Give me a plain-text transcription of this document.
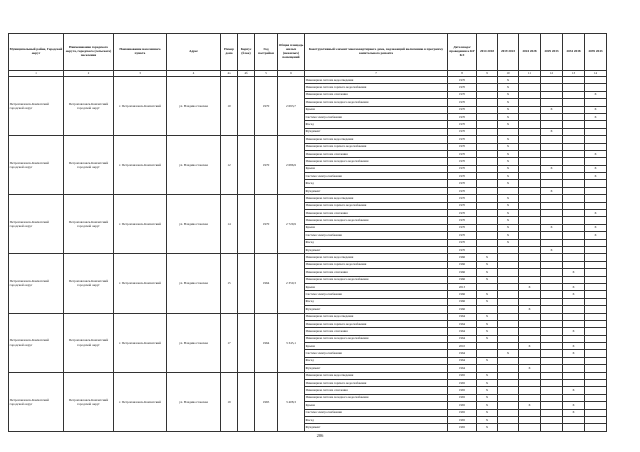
Муниципальный район, Городской округ	Наименование городского округа, городского (сельского) поселения	Наименование населенного пункта	Адрес	Номер дома	Корпус (блок)	Год постройки	Общая площадь жилых (нежилых) помещений	Конструктивный элемент многоквартирного дома, подлежащий включению в программу капитального ремонта	Дата ввода/проведения к КР КЭ	2014 2018	2019 2023	2024 2028	2029 2033	2034 2038	2039 2043
1	2	3	4	4а	4б	5	6	7	8	9	10	11	12	13	14
Петропавловск-Камчатский городской округ	Петропавловск-Камчатский городской округ	г. Петропавловск-Камчатский	ул. Владивостокская	10		1970	2 693,7	Инженерная система водоотведения	1970		X				
								Инженерная система горячего водоснабжения	1970		X				
								Инженерная система отопления	1970		X				X
								Инженерная система холодного водоснабжения	1970		X				
								Крыша	1970		X		X		X
								Система электроснабжения	1970		X				X
								Фасад	1970		X				
								Фундамент	1970				X		
Петропавловск-Камчатский городской округ	Петропавловск-Камчатский городской округ	г. Петропавловск-Камчатский	ул. Владивостокская	12		1970	2 686,9	Инженерная система водоотведения	1970		X				
								Инженерная система горячего водоснабжения	1970		X				
								Инженерная система отопления	1970		X				X
								Инженерная система холодного водоснабжения	1970		X				
								Крыша	1970		X		X		X
								Система электроснабжения	1970		X				X
								Фасад	1970		X				
								Фундамент	1970				X		
Петропавловск-Камчатский городской округ	Петропавловск-Камчатский городской округ	г. Петропавловск-Камчатский	ул. Владивостокская	14		1970	2 729,9	Инженерная система водоотведения	1970		X				
								Инженерная система горячего водоснабжения	1970		X				
								Инженерная система отопления	1970		X				X
								Инженерная система холодного водоснабжения	1970		X				
								Крыша	1970		X		X		X
								Система электроснабжения	1970		X				X
								Фасад	1970		X				
								Фундамент	1970				X		
Петропавловск-Камчатский городской округ	Петропавловск-Камчатский городской округ	г. Петропавловск-Камчатский	ул. Владивостокская	15		1964	2 350,3	Инженерная система водоотведения	1966	X					
								Инженерная система горячего водоснабжения	1966	X					
								Инженерная система отопления	1966	X				X	
								Инженерная система холодного водоснабжения	1966	X					
								Крыша	2013			X		X	
								Система электроснабжения	1966	X				X	
								Фасад	1966	X					
								Фундамент	1966			X			
Петропавловск-Камчатский городской округ	Петропавловск-Камчатский городской округ	г. Петропавловск-Камчатский	ул. Владивостокская	17		1964	3 345,1	Инженерная система водоотведения	1964	X					
								Инженерная система горячего водоснабжения	1964	X					
								Инженерная система отопления	1964	X				X	
								Инженерная система холодного водоснабжения	1964	X					
								Крыша	2010			X		X	
								Система электроснабжения	1964		X			X	
								Фасад	1964	X					
								Фундамент	1964			X			
Петропавловск-Камчатский городской округ	Петропавловск-Камчатский городской округ	г. Петропавловск-Камчатский	ул. Владивостокская	19		1965	3 408,3	Инженерная система водоотведения	1965	X					
								Инженерная система горячего водоснабжения	1965	X					
								Инженерная система отопления	1965	X				X	
								Инженерная система холодного водоснабжения	1965	X					
								Крыша	1965	X		X		X	
								Система электроснабжения	1965	X				X	
								Фасад	1965	X					
								Фундамент	1965	X					
206
